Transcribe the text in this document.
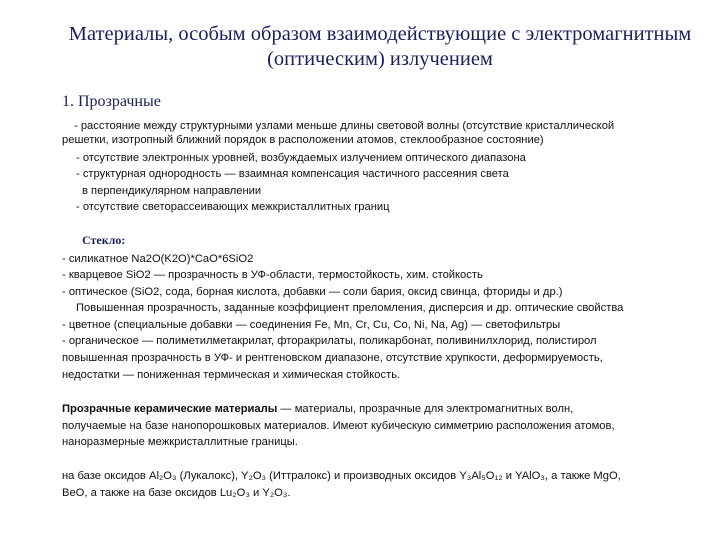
Материалы, особым образом взаимодействующие с электромагнитным
(оптическим) излучением
1. Прозрачные
- расстояние между структурными узлами меньше длины световой волны (отсутствие кристаллической
решетки, изотропный ближний порядок в расположении атомов, стеклообразное состояние)
- отсутствие электронных уровней, возбуждаемых излучением оптического диапазона
- структурная однородность — взаимная компенсация частичного рассеяния света
в перпендикулярном направлении
- отсутствие светорассеивающих межкристаллитных границ
Стекло:
- силикатное Na2O(K2O)*CaO*6SiO2
- кварцевое SiO2 — прозрачность в УФ-области, термостойкость, хим. стойкость
- оптическое (SiO2, сода, борная кислота, добавки — соли бария, оксид свинца, фториды и др.)
Повышенная прозрачность, заданные коэффициент преломления, дисперсия и др. оптические свойства
- цветное (специальные добавки — соединения Fe, Mn, Cr, Cu, Co, Ni, Na, Ag) — светофильтры
- органическое — полиметилметакрилат, фторакрилаты, поликарбонат, поливинилхлорид, полистирол
повышенная прозрачность в УФ- и рентгеновском диапазоне, отсутствие хрупкости, деформируемость,
недостатки — пониженная термическая и химическая стойкость.
Прозрачные керамические материалы — материалы, прозрачные для электромагнитных волн,
получаемые на базе нанопорошковых материалов. Имеют кубическую симметрию расположения атомов,
наноразмерные межкристаллитные границы.
на базе оксидов Al₂O₃ (Лукалокс), Y₂O₃ (Иттралокс) и производных оксидов Y₃Al₅O₁₂ и YAlO₃, а также MgO,
BeO, а также на базе оксидов Lu₂O₃ и Y₂O₃.
